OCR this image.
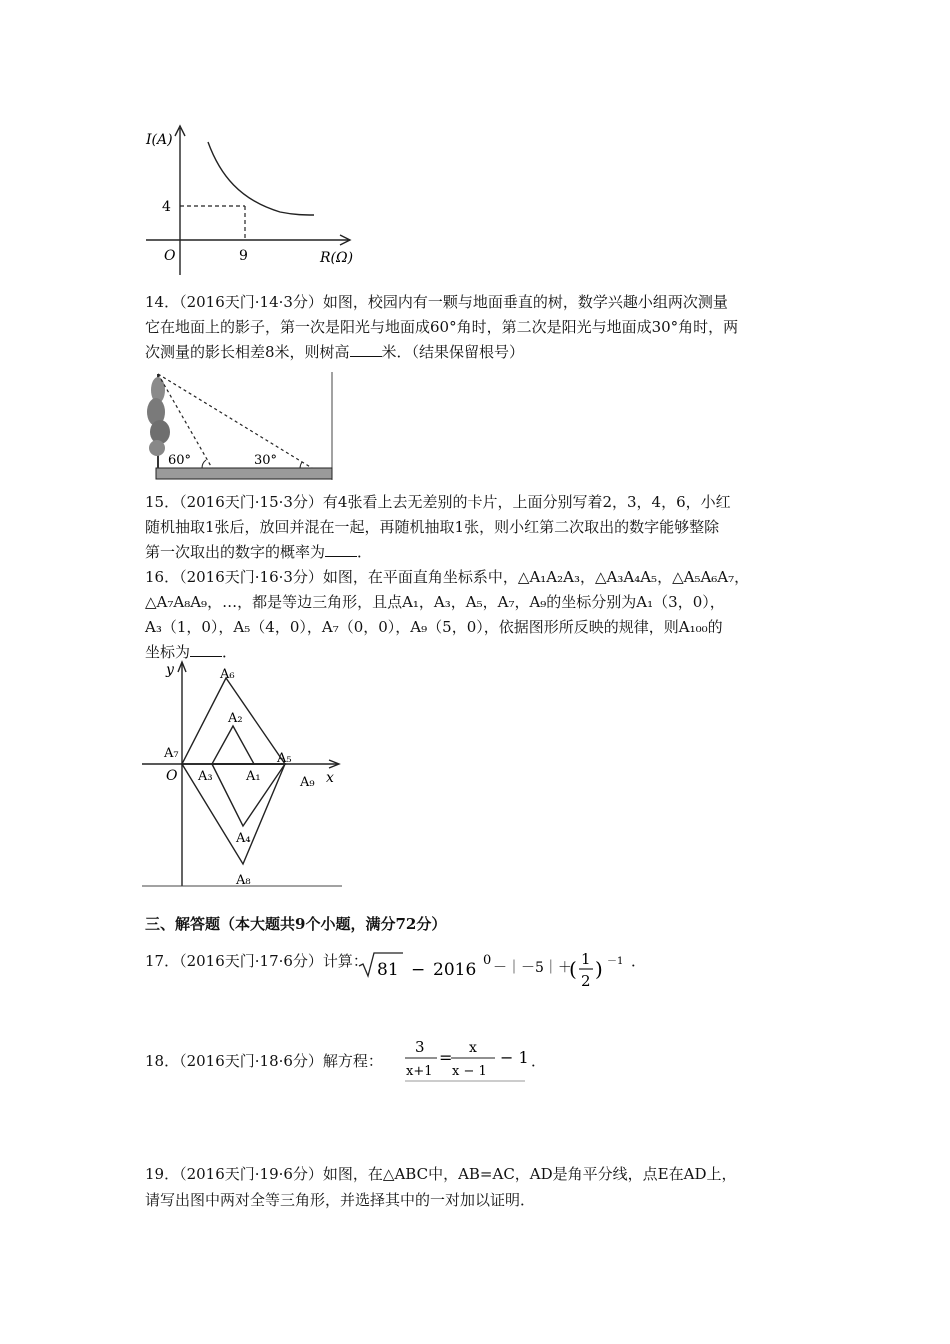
I(A)
4
O	9	R(Ω)
14．（2016天门·14·3分）如图，校园内有一颗与地面垂直的树，数学兴趣小组两次测量
它在地面上的影子，第一次是阳光与地面成60°角时，第二次是阳光与地面成30°角时，两
次测量的影长相差8米，则树高 米．（结果保留根号）
60°	30°
15．（2016天门·15·3分）有4张看上去无差别的卡片，上面分别写着2，3，4，6，小红
随机抽取1张后，放回并混在一起，再随机抽取1张，则小红第二次取出的数字能够整除
第一次取出的数字的概率为 ．
16．（2016天门·16·3分）如图，在平面直角坐标系中，△A₁A₂A₃，△A₃A₄A₅，△A₅A₆A₇，
△A₇A₈A₉，…，都是等边三角形，且点A₁，A₃，A₅，A₇，A₉的坐标分别为A₁（3，0），
A₃（1，0），A₅（4，0），A₇（0，0），A₉（5，0），依据图形所反映的规律，则A₁₀₀的
坐标为 ．
y
x
O
A₆
A₂
A₇	A₅
A₃	A₁	A₉
A₄
A₈
三、解答题（本大题共9个小题，满分72分）
17．（2016天门·17·6分）计算： 81 − 2016 0 －｜－5｜＋
( 1
2 ) －1 ．
18．（2016天门·18·6分）解方程：
3
x+1
= x
x − 1
− 1 ．
19．（2016天门·19·6分）如图，在△ABC中，AB=AC，AD是角平分线，点E在AD上，
请写出图中两对全等三角形，并选择其中的一对加以证明．
